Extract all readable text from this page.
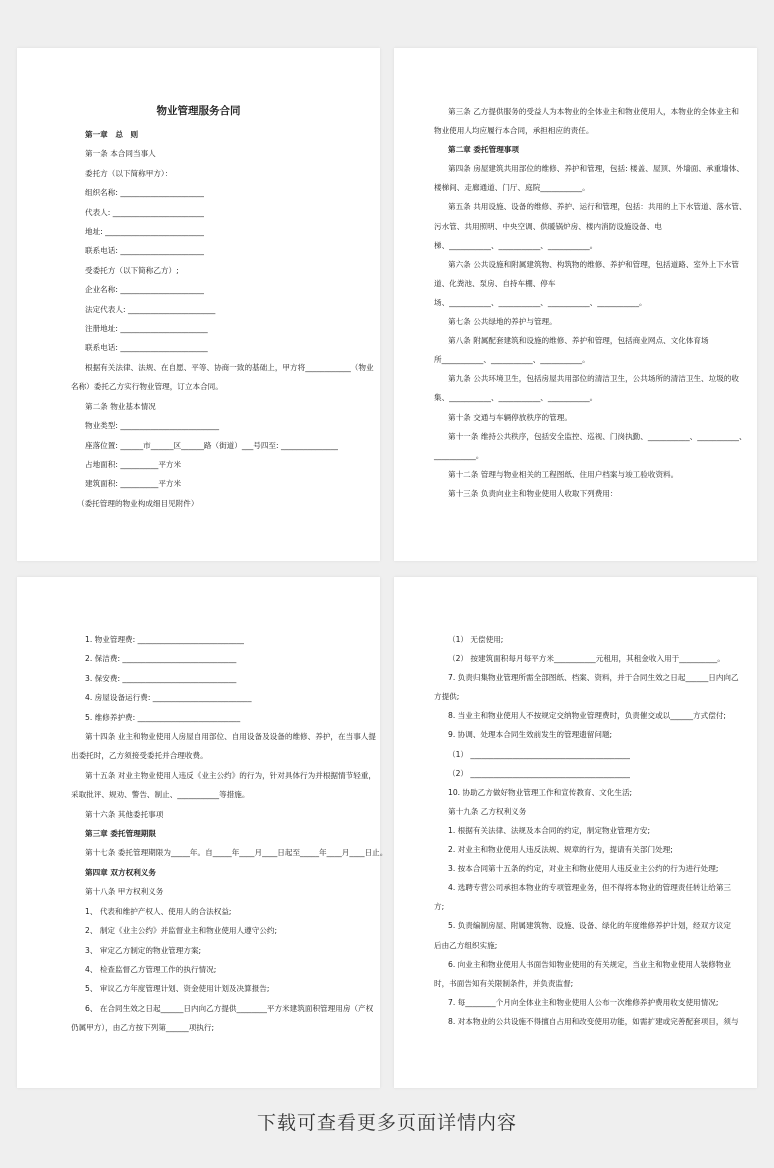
物业管理服务合同

第一章　总　则

第一条 本合同当事人

委托方（以下简称甲方）：

组织名称: ______________________

代表人: ________________________

地址: __________________________

联系电话: ______________________

受委托方（以下简称乙方）;

企业名称: ______________________

法定代表人: _______________________

注册地址: _______________________

联系电话: _______________________

根据有关法律、法规、在自愿、平等、协商一致的基础上，甲方将____________（物业

名称）委托乙方实行物业管理，订立本合同。

第二条 物业基本情况

物业类型: __________________________

座落位置: ______市______区______路（街道）___号四至: _______________

占地面积: __________平方米

建筑面积: __________平方米

（委托管理的物业构成细目见附件）

第三条 乙方提供服务的受益人为本物业的全体业主和物业使用人，本物业的全体业主和

物业使用人均应履行本合同，承担相应的责任。

第二章 委托管理事项

第四条 房屋建筑共用部位的维修、养护和管理，包括: 楼盖、屋顶、外墙面、承重墙体、

楼梯间、走廊通道、门厅、庭院___________。

第五条 共用设施、设备的维修、养护、运行和管理，包括：共用的上下水管道、落水管、

污水管、共用照明、中央空调、供暖锅炉房、楼内消防设施设备、电

梯、___________、___________、___________。

第六条 公共设施和附属建筑物、构筑物的维修、养护和管理，包括道路、室外上下水管

道、化粪池、泵房、自持车棚、停车

场、___________、___________、___________、___________。

第七条 公共绿地的养护与管理。

第八条 附属配套建筑和设施的维修、养护和管理，包括商业网点、文化体育场

所___________、___________、___________。

第九条 公共环境卫生，包括房屋共用部位的清洁卫生，公共场所的清洁卫生、垃圾的收

集、___________、___________、___________。

第十条 交通与车辆停放秩序的管理。

第十一条 维持公共秩序，包括安全监控、巡视、门岗执勤、___________、___________、

___________。

第十二条 管理与物业相关的工程图纸、住用户档案与竣工验收资料。

第十三条 负责向业主和物业使用人收取下列费用：

1. 物业管理费: ____________________________

2. 保洁费: ______________________________

3. 保安费: ______________________________

4. 房屋设备运行费: __________________________

5. 维修养护费: ___________________________

第十四条 业主和物业使用人房屋自用部位、自用设备及设备的维修、养护，在当事人提

出委托时，乙方须接受委托并合理收费。

第十五条 对业主物业使用人违反《业主公约》的行为，针对具体行为并根据情节轻重，

采取批评、规劝、警告、制止、___________等措施。

第十六条 其他委托事项

第三章 委托管理期限

第十七条 委托管理期限为_____年。自_____年____月____日起至_____年____月____日止。

第四章 双方权利义务

第十八条 甲方权利义务

1、 代表和维护产权人、使用人的合法权益;

2、 制定《业主公约》并监督业主和物业使用人遵守公约;

3、 审定乙方制定的物业管理方案;

4、 检查监督乙方管理工作的执行情况;

5、 审议乙方年度管理计划、资金使用计划及决算报告;

6、 在合同生效之日起______日内向乙方提供________平方米建筑面积管理用房（产权

仍属甲方），由乙方按下列第______项执行;

（1） 无偿使用;

（2） 按建筑面积每月每平方米___________元租用，其租金收入用于__________。

7. 负责归集物业管理所需全部图纸、档案、资料，并于合同生效之日起______日内向乙

方提供;

8. 当业主和物业使用人不按规定交纳物业管理费时，负责催交或以______方式偿付;

9. 协调、处理本合同生效前发生的管理遗留问题;

（1） __________________________________________

（2） __________________________________________

10. 协助乙方做好物业管理工作和宣传教育、文化生活;

第十九条 乙方权利义务

1. 根据有关法律、法规及本合同的约定，制定物业管理方安;

2. 对业主和物业使用人违反法规、规章的行为，提请有关部门处理;

3. 按本合同第十五条的约定，对业主和物业使用人违反业主公约的行为进行处理;

4. 选聘专营公司承担本物业的专项管理业务，但不得将本物业的管理责任转让给第三

方;

5. 负责编制房屋、附属建筑物、设施、设备、绿化的年度维修养护计划，经双方议定

后由乙方组织实施;

6. 向业主和物业使用人书面告知物业使用的有关规定，当业主和物业使用人装修物业

时，书面告知有关限制条件，并负责监督;

7. 每________个月向全体业主和物业使用人公布一次维修养护费用收支使用情况;

8. 对本物业的公共设施不得擅自占用和改变使用功能，如需扩建或完善配套项目，须与

下载可查看更多页面详情内容
